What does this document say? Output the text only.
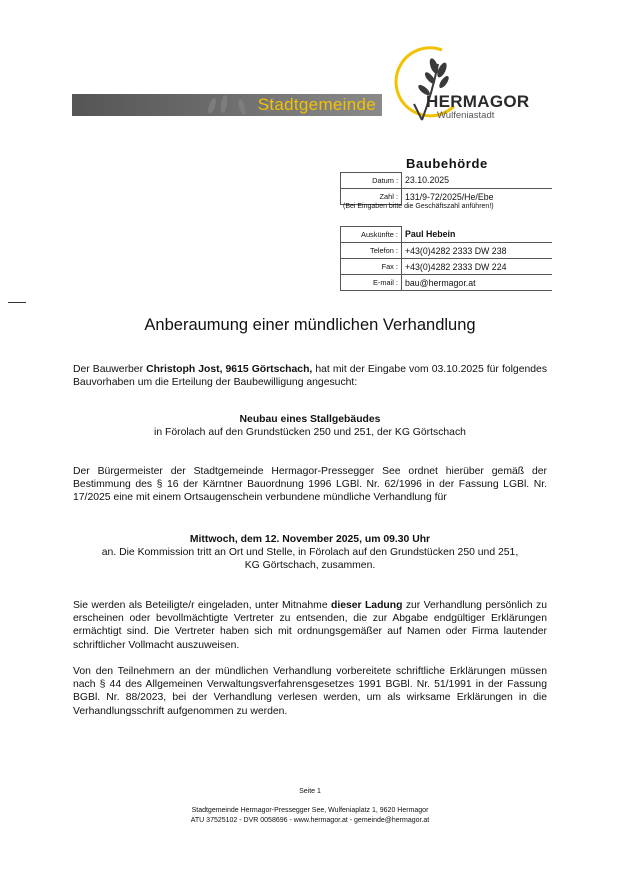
Stadtgemeinde	HERMAGOR
Wulfeniastadt
Baubehörde
Datum :	23.10.2025
Zahl :	131/9-72/2025/He/Ebe
(Bei Eingaben bitte die Geschäftszahl anführen!)
Auskünfte :	Paul Hebein
Telefon :	+43(0)4282 2333 DW 238
Fax :	+43(0)4282 2333 DW 224
E-mail :	bau@hermagor.at
Anberaumung einer mündlichen Verhandlung
Der Bauwerber Christoph Jost, 9615 Görtschach, hat mit der Eingabe vom 03.10.2025 für folgendes Bauvorhaben um die Erteilung der Baubewilligung angesucht:
Neubau eines Stallgebäudes
in Förolach auf den Grundstücken 250 und 251, der KG Görtschach
Der Bürgermeister der Stadtgemeinde Hermagor-Pressegger See ordnet hierüber gemäß der Bestimmung des § 16 der Kärntner Bauordnung 1996 LGBl. Nr. 62/1996 in der Fassung LGBl. Nr. 17/2025 eine mit einem Ortsaugenschein verbundene mündliche Verhandlung für
Mittwoch, dem 12. November 2025, um 09.30 Uhr
an. Die Kommission tritt an Ort und Stelle, in Förolach auf den Grundstücken 250 und 251,
KG Görtschach, zusammen.
Sie werden als Beteiligte/r eingeladen, unter Mitnahme dieser Ladung zur Verhandlung persönlich zu erscheinen oder bevollmächtigte Vertreter zu entsenden, die zur Abgabe endgültiger Erklärungen ermächtigt sind. Die Vertreter haben sich mit ordnungsgemäßer auf Namen oder Firma lautender schriftlicher Vollmacht auszuweisen.
Von den Teilnehmern an der mündlichen Verhandlung vorbereitete schriftliche Erklärungen müssen nach § 44 des Allgemeinen Verwaltungsverfahrensgesetzes 1991 BGBl. Nr. 51/1991 in der Fassung BGBl. Nr. 88/2023, bei der Verhandlung verlesen werden, um als wirksame Erklärungen in die Verhandlungsschrift aufgenommen zu werden.
Seite 1
Stadtgemeinde Hermagor-Pressegger See, Wulfeniaplatz 1, 9620 Hermagor
ATU 37525102 - DVR 0058696 - www.hermagor.at - gemeinde@hermagor.at
